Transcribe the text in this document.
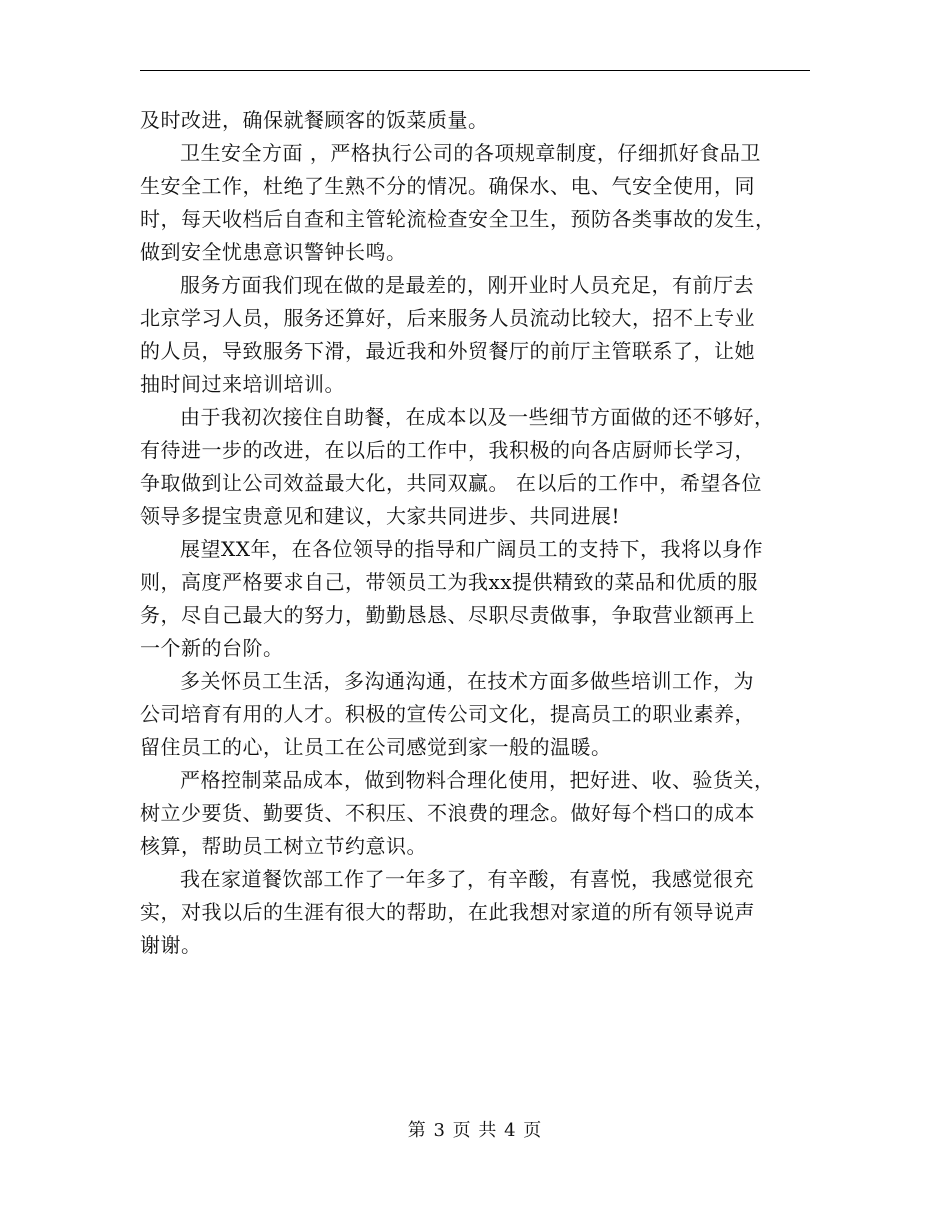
及时改进，确保就餐顾客的饭菜质量。

卫生安全方面 ，严格执行公司的各项规章制度，仔细抓好食品卫
生安全工作，杜绝了生熟不分的情况。确保水、电、气安全使用，同
时，每天收档后自查和主管轮流检查安全卫生，预防各类事故的发生，
做到安全忧患意识警钟长鸣。

服务方面我们现在做的是最差的，刚开业时人员充足，有前厅去
北京学习人员，服务还算好，后来服务人员流动比较大，招不上专业
的人员，导致服务下滑，最近我和外贸餐厅的前厅主管联系了，让她
抽时间过来培训培训。

由于我初次接住自助餐，在成本以及一些细节方面做的还不够好，
有待进一步的改进，在以后的工作中，我积极的向各店厨师长学习，
争取做到让公司效益最大化，共同双赢。 在以后的工作中，希望各位
领导多提宝贵意见和建议，大家共同进步、共同进展!

展望XX年，在各位领导的指导和广阔员工的支持下，我将以身作
则，高度严格要求自己，带领员工为我xx提供精致的菜品和优质的服
务，尽自己最大的努力，勤勤恳恳、尽职尽责做事，争取营业额再上
一个新的台阶。

多关怀员工生活，多沟通沟通，在技术方面多做些培训工作，为
公司培育有用的人才。积极的宣传公司文化，提高员工的职业素养，
留住员工的心，让员工在公司感觉到家一般的温暖。

严格控制菜品成本，做到物料合理化使用，把好进、收、验货关，
树立少要货、勤要货、不积压、不浪费的理念。做好每个档口的成本
核算，帮助员工树立节约意识。

我在家道餐饮部工作了一年多了，有辛酸，有喜悦，我感觉很充
实，对我以后的生涯有很大的帮助，在此我想对家道的所有领导说声
谢谢。

第 3 页 共 4 页
